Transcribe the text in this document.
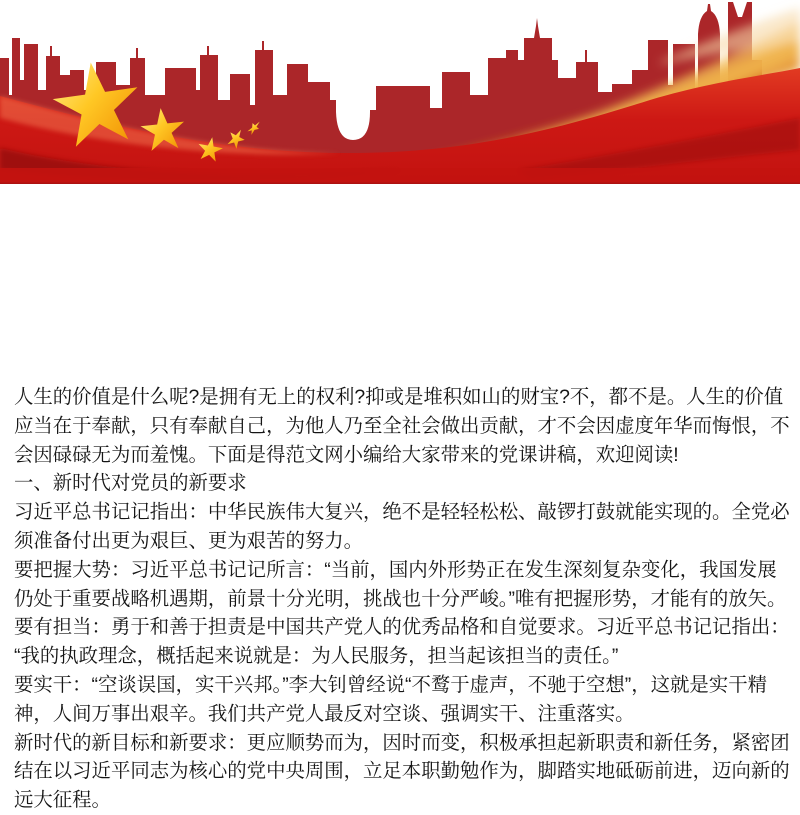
人生的价值是什么呢?是拥有无上的权利?抑或是堆积如山的财宝?不，都不是。人生的价值
应当在于奉献，只有奉献自己，为他人乃至全社会做出贡献，才不会因虚度年华而悔恨，不
会因碌碌无为而羞愧。下面是得范文网小编给大家带来的党课讲稿，欢迎阅读!
一、新时代对党员的新要求
习近平总书记记指出：中华民族伟大复兴，绝不是轻轻松松、敲锣打鼓就能实现的。全党必
须准备付出更为艰巨、更为艰苦的努力。
要把握大势：习近平总书记记所言：“当前，国内外形势正在发生深刻复杂变化，我国发展
仍处于重要战略机遇期，前景十分光明，挑战也十分严峻。”唯有把握形势，才能有的放矢。
要有担当：勇于和善于担责是中国共产党人的优秀品格和自觉要求。习近平总书记记指出：
“我的执政理念，概括起来说就是：为人民服务，担当起该担当的责任。”
要实干：“空谈误国，实干兴邦。”李大钊曾经说“不鹜于虚声，不驰于空想”，这就是实干精
神，人间万事出艰辛。我们共产党人最反对空谈、强调实干、注重落实。
新时代的新目标和新要求：更应顺势而为，因时而变，积极承担起新职责和新任务，紧密团
结在以习近平同志为核心的党中央周围，立足本职勤勉作为，脚踏实地砥砺前进，迈向新的
远大征程。
